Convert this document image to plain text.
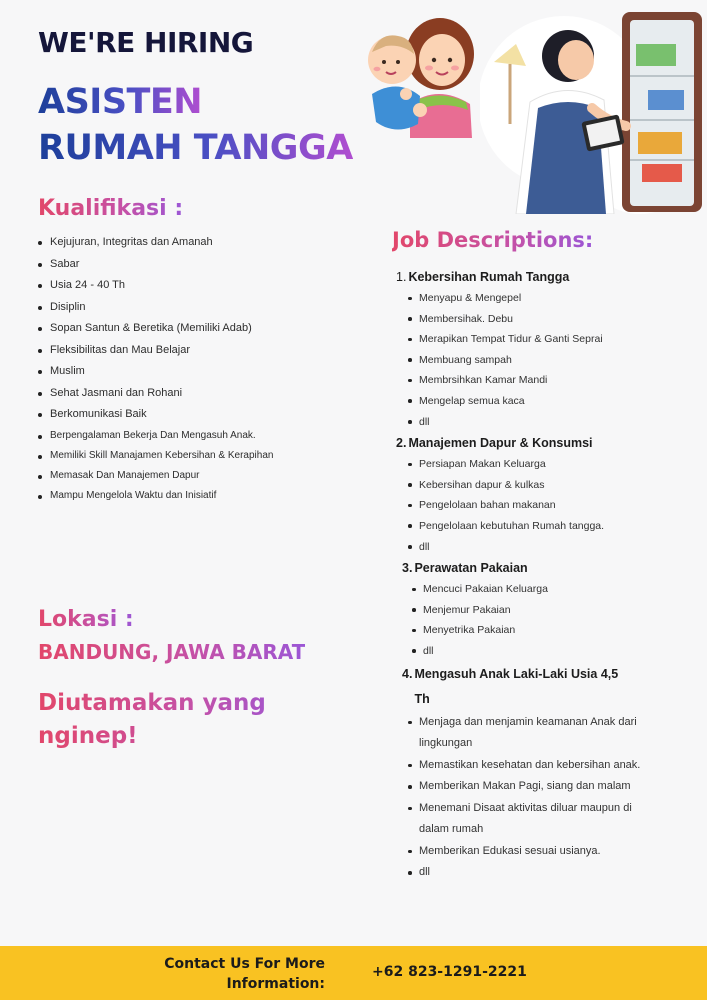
WE'RE HIRING
ASISTEN
RUMAH TANGGA
Kualifikasi :
Kejujuran, Integritas dan Amanah
Sabar
Usia 24 - 40 Th
Disiplin
Sopan Santun & Beretika (Memiliki Adab)
Fleksibilitas dan Mau Belajar
Muslim
Sehat Jasmani dan Rohani
Berkomunikasi Baik
Berpengalaman Bekerja Dan Mengasuh Anak.
Memiliki Skill Manajamen Kebersihan & Kerapihan
Memasak Dan Manajemen Dapur
Mampu Mengelola Waktu dan Inisiatif
Lokasi :
BANDUNG, JAWA BARAT
Diutamakan yang nginep!
Job Descriptions:
1. Kebersihan Rumah Tangga
Menyapu & Mengepel
Membersihak. Debu
Merapikan Tempat Tidur & Ganti Seprai
Membuang sampah
Membrsihkan Kamar Mandi
Mengelap semua kaca
dll
2. Manajemen Dapur & Konsumsi
Persiapan Makan Keluarga
Kebersihan dapur & kulkas
Pengelolaan bahan makanan
Pengelolaan kebutuhan Rumah tangga.
dll
3. Perawatan Pakaian
Mencuci Pakaian Keluarga
Menjemur Pakaian
Menyetrika Pakaian
dll
4. Mengasuh Anak Laki-Laki Usia 4,5 Th
Menjaga dan menjamin keamanan Anak dari lingkungan
Memastikan kesehatan dan kebersihan anak.
Memberikan Makan Pagi, siang dan malam
Menemani Disaat aktivitas diluar maupun di dalam rumah
Memberikan Edukasi sesuai usianya.
dll
Contact Us For More Information:
+62 823-1291-2221
